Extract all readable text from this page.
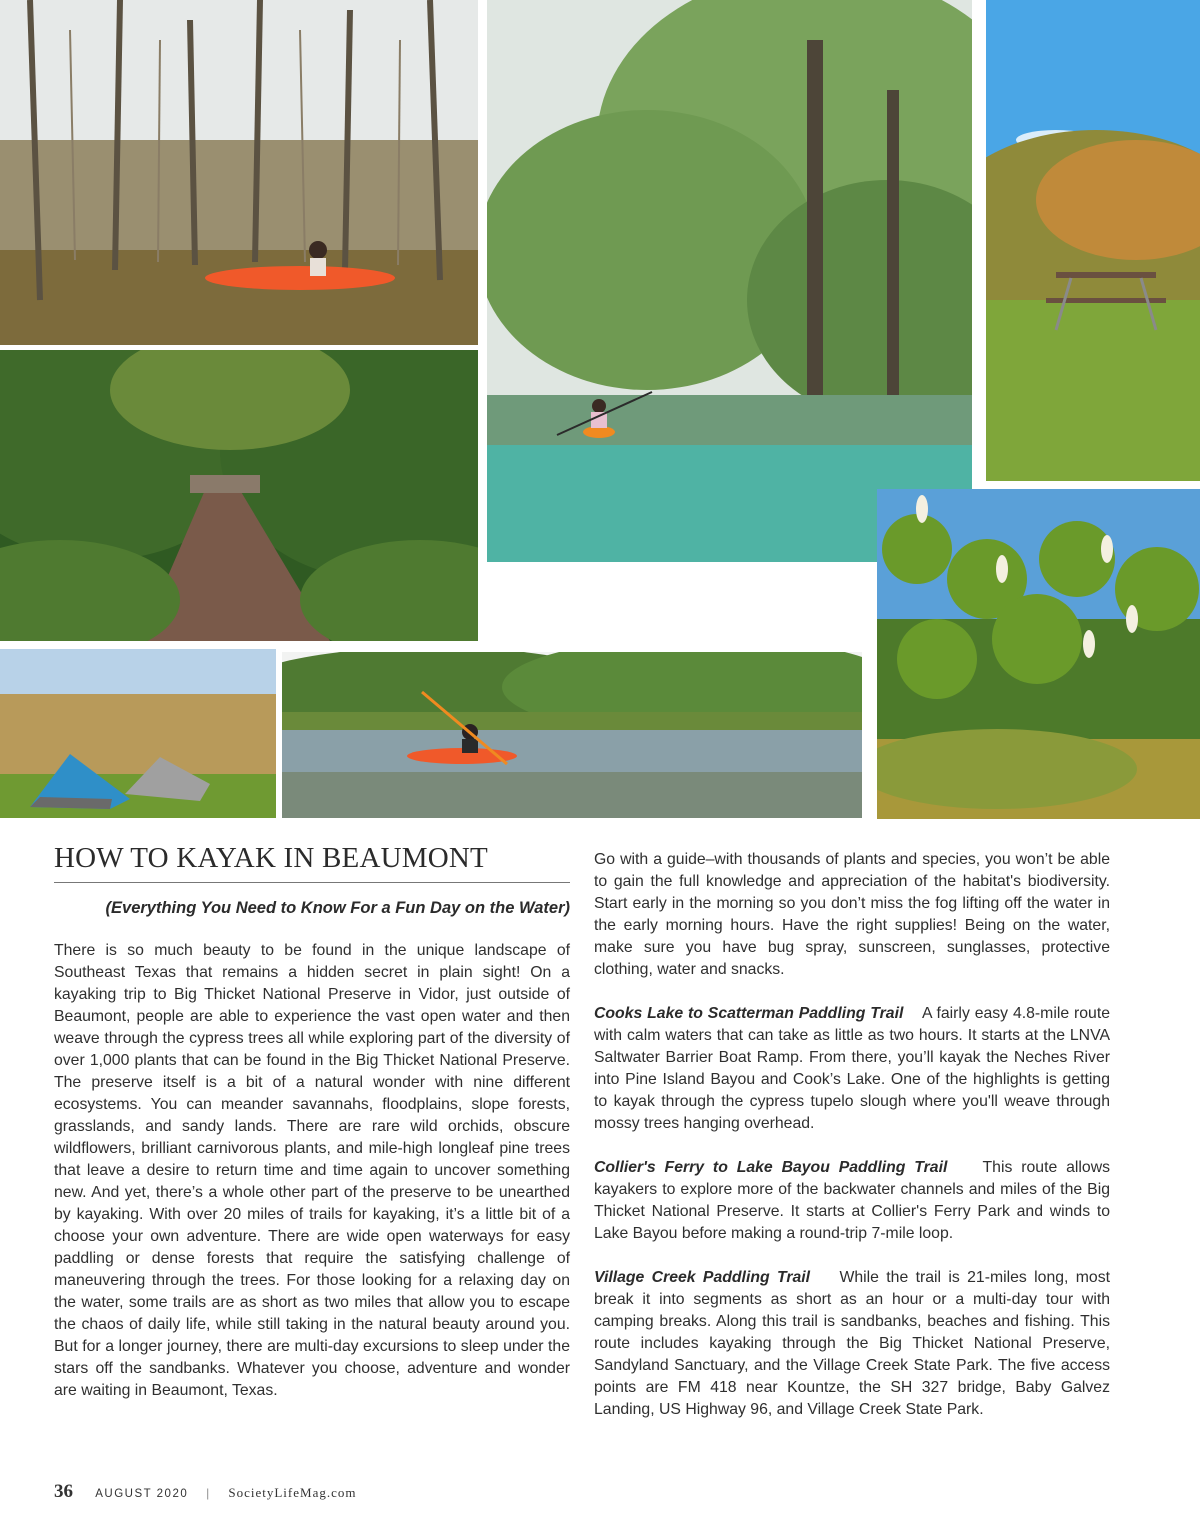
HOW TO KAYAK IN BEAUMONT
(Everything You Need to Know For a Fun Day on the Water)

There is so much beauty to be found in the unique landscape of Southeast Texas that remains a hidden secret in plain sight! On a kayaking trip to Big Thicket National Preserve in Vidor, just outside of Beaumont, people are able to experience the vast open water and then weave through the cypress trees all while exploring part of the diversity of over 1,000 plants that can be found in the Big Thicket National Preserve. The preserve itself is a bit of a natural wonder with nine different ecosystems. You can meander savannahs, floodplains, slope forests, grasslands, and sandy lands. There are rare wild orchids, obscure wildflowers, brilliant carnivorous plants, and mile-high longleaf pine trees that leave a desire to return time and time again to uncover something new. And yet, there’s a whole other part of the preserve to be unearthed by kayaking. With over 20 miles of trails for kayaking, it’s a little bit of a choose your own adventure. There are wide open waterways for easy paddling or dense forests that require the satisfying challenge of maneuvering through the trees. For those looking for a relaxing day on the water, some trails are as short as two miles that allow you to escape the chaos of daily life, while still taking in the natural beauty around you. But for a longer journey, there are multi-day excursions to sleep under the stars off the sandbanks. Whatever you choose, adventure and wonder are waiting in Beaumont, Texas.

Go with a guide–with thousands of plants and species, you won’t be able to gain the full knowledge and appreciation of the habitat's biodiversity. Start early in the morning so you don’t miss the fog lifting off the water in the early morning hours. Have the right supplies! Being on the water, make sure you have bug spray, sunscreen, sunglasses, protective clothing, water and snacks.

Cooks Lake to Scatterman Paddling Trail A fairly easy 4.8-mile route with calm waters that can take as little as two hours. It starts at the LNVA Saltwater Barrier Boat Ramp. From there, you’ll kayak the Neches River into Pine Island Bayou and Cook’s Lake. One of the highlights is getting to kayak through the cypress tupelo slough where you'll weave through mossy trees hanging overhead.

Collier's Ferry to Lake Bayou Paddling Trail This route allows kayakers to explore more of the backwater channels and miles of the Big Thicket National Preserve. It starts at Collier's Ferry Park and winds to Lake Bayou before making a round-trip 7-mile loop.

Village Creek Paddling Trail While the trail is 21-miles long, most break it into segments as short as an hour or a multi-day tour with camping breaks. Along this trail is sandbanks, beaches and fishing. This route includes kayaking through the Big Thicket National Preserve, Sandyland Sanctuary, and the Village Creek State Park. The five access points are FM 418 near Kountze, the SH 327 bridge, Baby Galvez Landing, US Highway 96, and Village Creek State Park.

36 AUGUST 2020 | SocietyLifeMag.com
